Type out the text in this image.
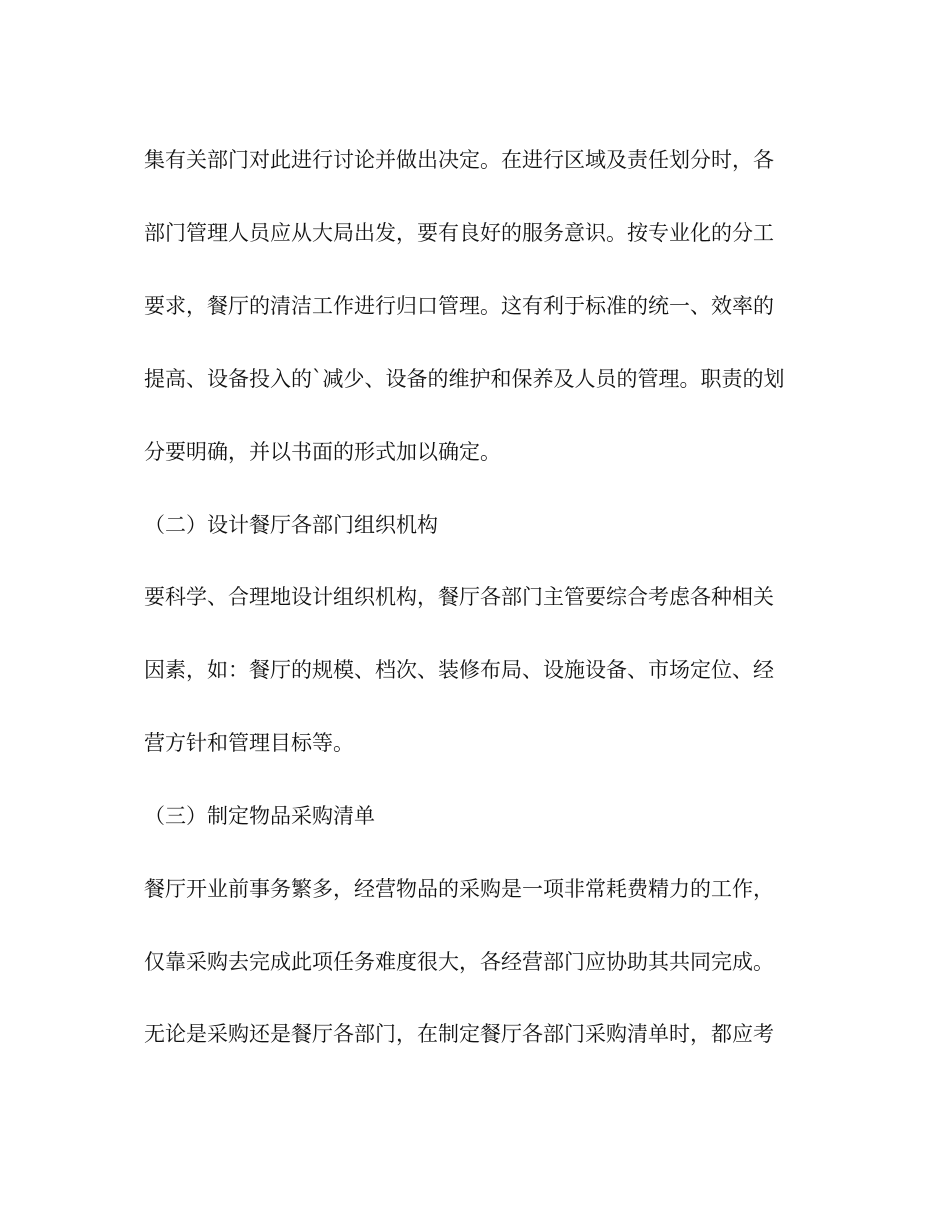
集有关部门对此进行讨论并做出决定。在进行区域及责任划分时，各
部门管理人员应从大局出发，要有良好的服务意识。按专业化的分工
要求，餐厅的清洁工作进行归口管理。这有利于标准的统一、效率的
提高、设备投入的`减少、设备的维护和保养及人员的管理。职责的划
分要明确，并以书面的形式加以确定。
（二）设计餐厅各部门组织机构
要科学、合理地设计组织机构，餐厅各部门主管要综合考虑各种相关
因素，如：餐厅的规模、档次、装修布局、设施设备、市场定位、经
营方针和管理目标等。
（三）制定物品采购清单
餐厅开业前事务繁多，经营物品的采购是一项非常耗费精力的工作，
仅靠采购去完成此项任务难度很大，各经营部门应协助其共同完成。
无论是采购还是餐厅各部门，在制定餐厅各部门采购清单时，都应考
